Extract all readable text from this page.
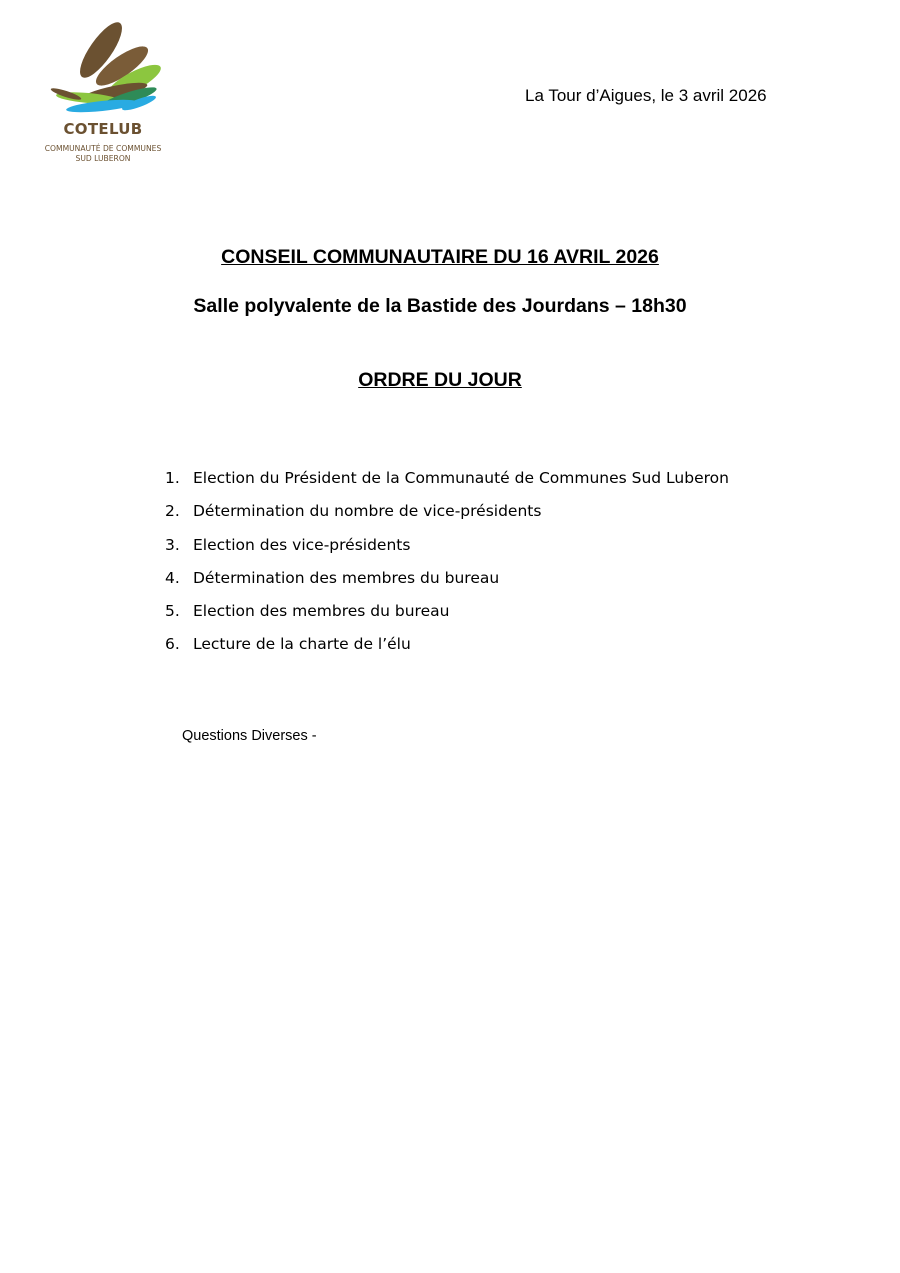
COTELUB
COMMUNAUTÉ DE COMMUNES
SUD LUBERON
La Tour d’Aigues, le 3 avril 2026
CONSEIL COMMUNAUTAIRE DU 16 AVRIL 2026
Salle polyvalente de la Bastide des Jourdans – 18h30
ORDRE DU JOUR
1. Election du Président de la Communauté de Communes Sud Luberon
2. Détermination du nombre de vice-présidents
3. Election des vice-présidents
4. Détermination des membres du bureau
5. Election des membres du bureau
6. Lecture de la charte de l’élu
Questions Diverses -
